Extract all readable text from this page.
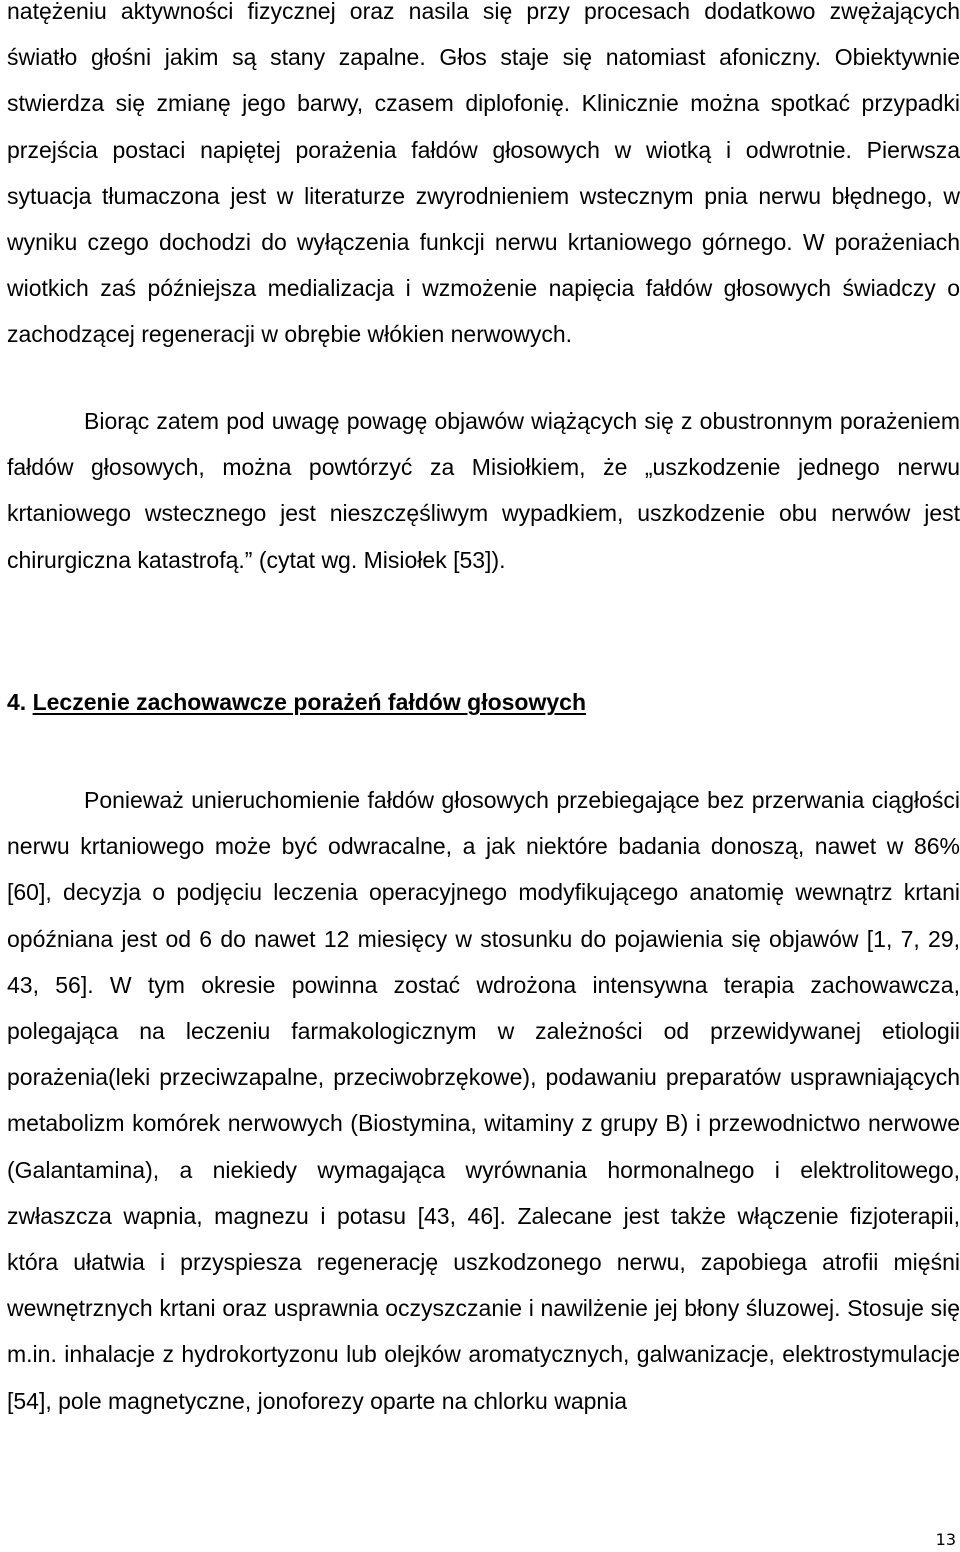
natężeniu aktywności fizycznej oraz nasila się przy procesach dodatkowo zwężających światło głośni jakim są stany zapalne. Głos staje się natomiast afoniczny. Obiektywnie stwierdza się zmianę jego barwy, czasem diplofonię. Klinicznie można spotkać przypadki przejścia postaci napiętej porażenia fałdów głosowych w wiotką i odwrotnie. Pierwsza sytuacja tłumaczona jest w literaturze zwyrodnieniem wstecznym pnia nerwu błędnego, w wyniku czego dochodzi do wyłączenia funkcji nerwu krtaniowego górnego. W porażeniach wiotkich zaś późniejsza medializacja i wzmożenie napięcia fałdów głosowych świadczy o zachodzącej regeneracji w obrębie włókien nerwowych.

Biorąc zatem pod uwagę powagę objawów wiążących się z obustronnym porażeniem fałdów głosowych, można powtórzyć za Misiołkiem, że „uszkodzenie jednego nerwu krtaniowego wstecznego jest nieszczęśliwym wypadkiem, uszkodzenie obu nerwów jest chirurgiczna katastrofą.” (cytat wg. Misiołek [53]).

4. Leczenie zachowawcze porażeń fałdów głosowych

Ponieważ unieruchomienie fałdów głosowych przebiegające bez przerwania ciągłości nerwu krtaniowego może być odwracalne, a jak niektóre badania donoszą, nawet w 86% [60], decyzja o podjęciu leczenia operacyjnego modyfikującego anatomię wewnątrz krtani opóźniana jest od 6 do nawet 12 miesięcy w stosunku do pojawienia się objawów [1, 7, 29, 43, 56]. W tym okresie powinna zostać wdrożona intensywna terapia zachowawcza, polegająca na leczeniu farmakologicznym w zależności od przewidywanej etiologii porażenia(leki przeciwzapalne, przeciwobrzękowe), podawaniu preparatów usprawniających metabolizm komórek nerwowych (Biostymina, witaminy z grupy B) i przewodnictwo nerwowe (Galantamina), a niekiedy wymagająca wyrównania hormonalnego i elektrolitowego, zwłaszcza wapnia, magnezu i potasu [43, 46]. Zalecane jest także włączenie fizjoterapii, która ułatwia i przyspiesza regenerację uszkodzonego nerwu, zapobiega atrofii mięśni wewnętrznych krtani oraz usprawnia oczyszczanie i nawilżenie jej błony śluzowej. Stosuje się m.in. inhalacje z hydrokortyzonu lub olejków aromatycznych, galwanizacje, elektrostymulacje [54], pole magnetyczne, jonoforezy oparte na chlorku wapnia

13
